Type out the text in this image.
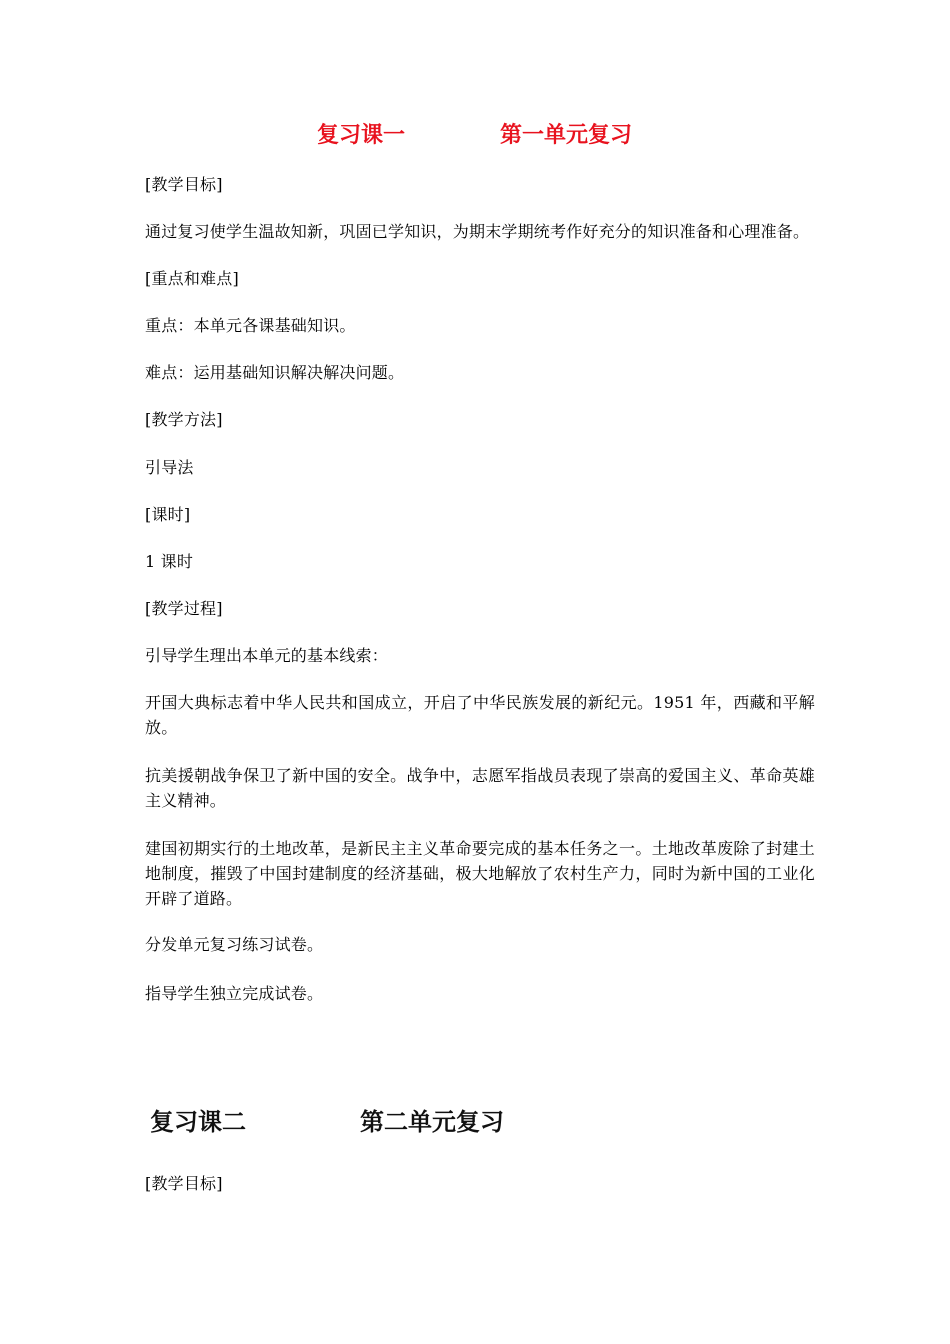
复习课一	第一单元复习

[教学目标]

通过复习使学生温故知新，巩固已学知识，为期末学期统考作好充分的知识准备和心理准备。

[重点和难点]

重点：本单元各课基础知识。

难点：运用基础知识解决解决问题。

[教学方法]

引导法

[课时]

1 课时

[教学过程]

引导学生理出本单元的基本线索：

开国大典标志着中华人民共和国成立，开启了中华民族发展的新纪元。1951 年，西藏和平解放。

抗美援朝战争保卫了新中国的安全。战争中，志愿军指战员表现了崇高的爱国主义、革命英雄主义精神。

建国初期实行的土地改革，是新民主主义革命要完成的基本任务之一。土地改革废除了封建土地制度，摧毁了中国封建制度的经济基础，极大地解放了农村生产力，同时为新中国的工业化开辟了道路。

分发单元复习练习试卷。

指导学生独立完成试卷。

复习课二	第二单元复习

[教学目标]
